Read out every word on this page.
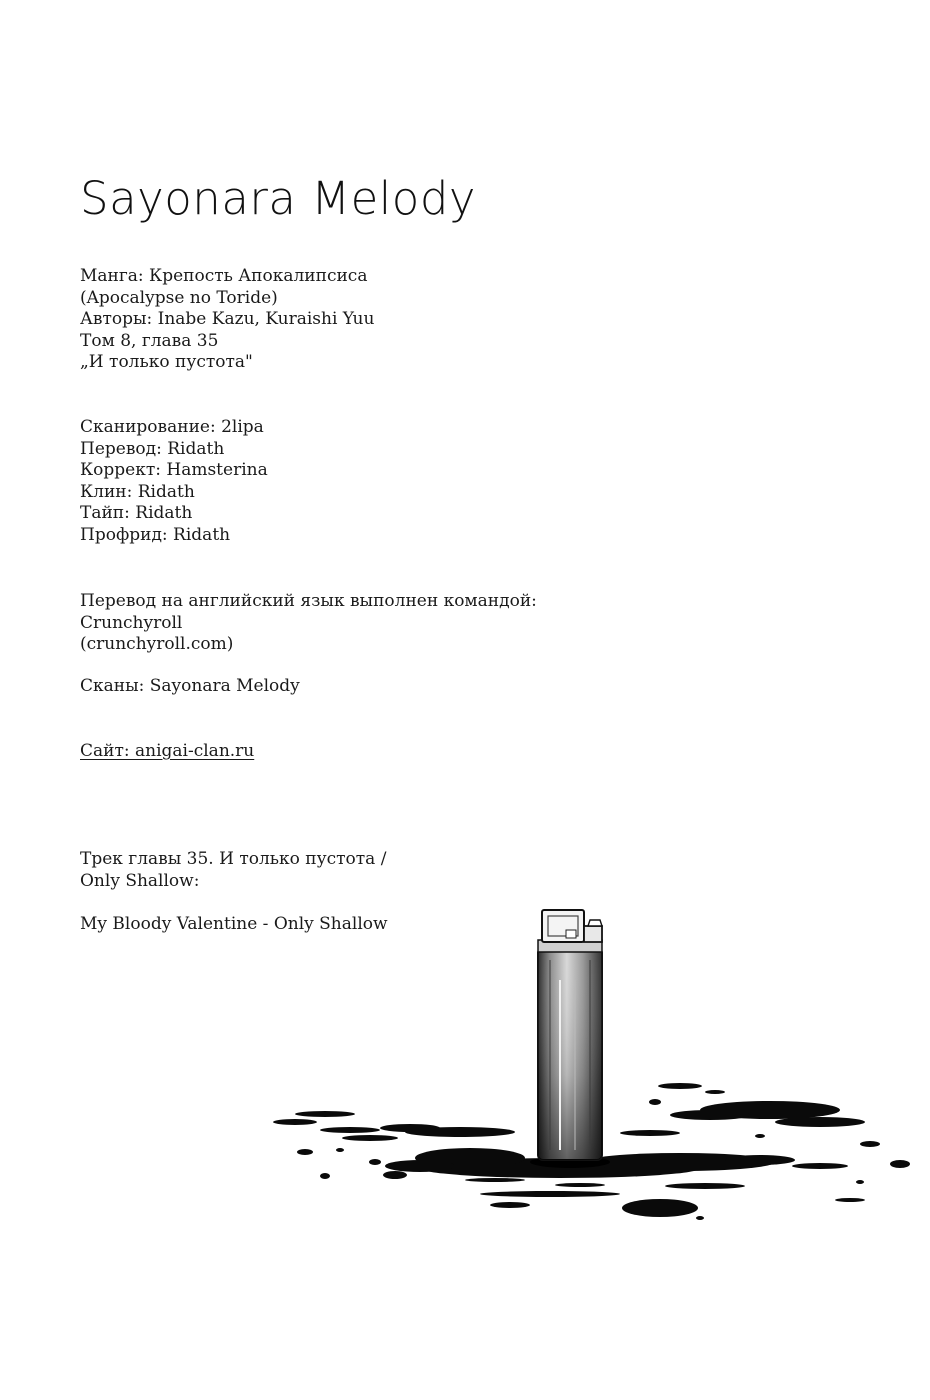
Sayonara Melody
Манга: Крепость Апокалипсиса
(Apocalypse no Toride)
Авторы: Inabe Kazu, Kuraishi Yuu
Том 8, глава 35
„И только пустота"
Сканирование: 2lipa
Перевод: Ridath
Коррект: Hamsterina
Клин: Ridath
Тайп: Ridath
Профрид: Ridath
Перевод на английский язык выполнен командой:
Crunchyroll
(crunchyroll.com)
Сканы: Sayonara Melody
Сайт: anigai-clan.ru
Трек главы 35. И только пустота /
Only Shallow:
My Bloody Valentine - Only Shallow
